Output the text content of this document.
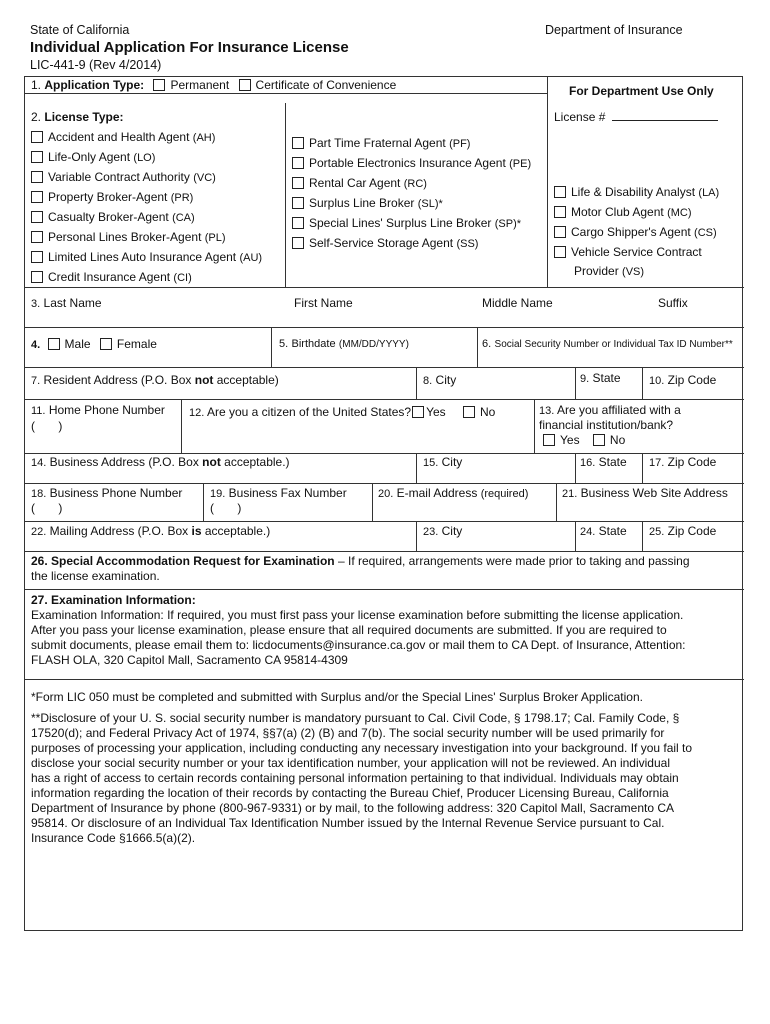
State of California
Individual Application For Insurance License
LIC-441-9 (Rev 4/2014)
Department of Insurance
1. Application Type: Permanent Certificate of Convenience	For Department Use Only
License #
2. License Type:
Accident and Health Agent (AH)
Life-Only Agent (LO)
Variable Contract Authority (VC)
Property Broker-Agent (PR)
Casualty Broker-Agent (CA)
Personal Lines Broker-Agent (PL)
Limited Lines Auto Insurance Agent (AU)
Credit Insurance Agent (CI)
Part Time Fraternal Agent (PF)
Portable Electronics Insurance Agent (PE)
Rental Car Agent (RC)
Surplus Line Broker (SL)*
Special Lines' Surplus Line Broker (SP)*
Self-Service Storage Agent (SS)
Life & Disability Analyst (LA)
Motor Club Agent (MC)
Cargo Shipper's Agent (CS)
Vehicle Service Contract
Provider (VS)
3. Last Name	First Name	Middle Name	Suffix
4. Male Female	5. Birthdate (MM/DD/YYYY)	6. Social Security Number or Individual Tax ID Number**
7. Resident Address (P.O. Box not acceptable)	8. City	9. State	10. Zip Code
11. Home Phone Number
(       )
12. Are you a citizen of the United States? Yes	No	13. Are you affiliated with a
financial institution/bank?
Yes	No
14. Business Address (P.O. Box not acceptable.)	15. City	16. State 17. Zip Code
18. Business Phone Number
(       )
19. Business Fax Number
(       )
20. E-mail Address (required)	21. Business Web Site Address
22. Mailing Address (P.O. Box is acceptable.)	23. City	24. State 25. Zip Code
26. Special Accommodation Request for Examination – If required, arrangements were made prior to taking and passing
the license examination.
27. Examination Information:
Examination Information: If required, you must first pass your license examination before submitting the license application.
After you pass your license examination, please ensure that all required documents are submitted. If you are required to
submit documents, please email them to: licdocuments@insurance.ca.gov or mail them to CA Dept. of Insurance, Attention:
FLASH OLA, 320 Capitol Mall, Sacramento CA 95814-4309
*Form LIC 050 must be completed and submitted with Surplus and/or the Special Lines' Surplus Broker Application.
**Disclosure of your U. S. social security number is mandatory pursuant to Cal. Civil Code, § 1798.17; Cal. Family Code, §
17520(d); and Federal Privacy Act of 1974, §§7(a) (2) (B) and 7(b). The social security number will be used primarily for
purposes of processing your application, including conducting any necessary investigation into your background. If you fail to
disclose your social security number or your tax identification number, your application will not be reviewed. An individual
has a right of access to certain records containing personal information pertaining to that individual. Individuals may obtain
information regarding the location of their records by contacting the Bureau Chief, Producer Licensing Bureau, California
Department of Insurance by phone (800-967-9331) or by mail, to the following address: 320 Capitol Mall, Sacramento CA
95814. Or disclosure of an Individual Tax Identification Number issued by the Internal Revenue Service pursuant to Cal.
Insurance Code §1666.5(a)(2).
